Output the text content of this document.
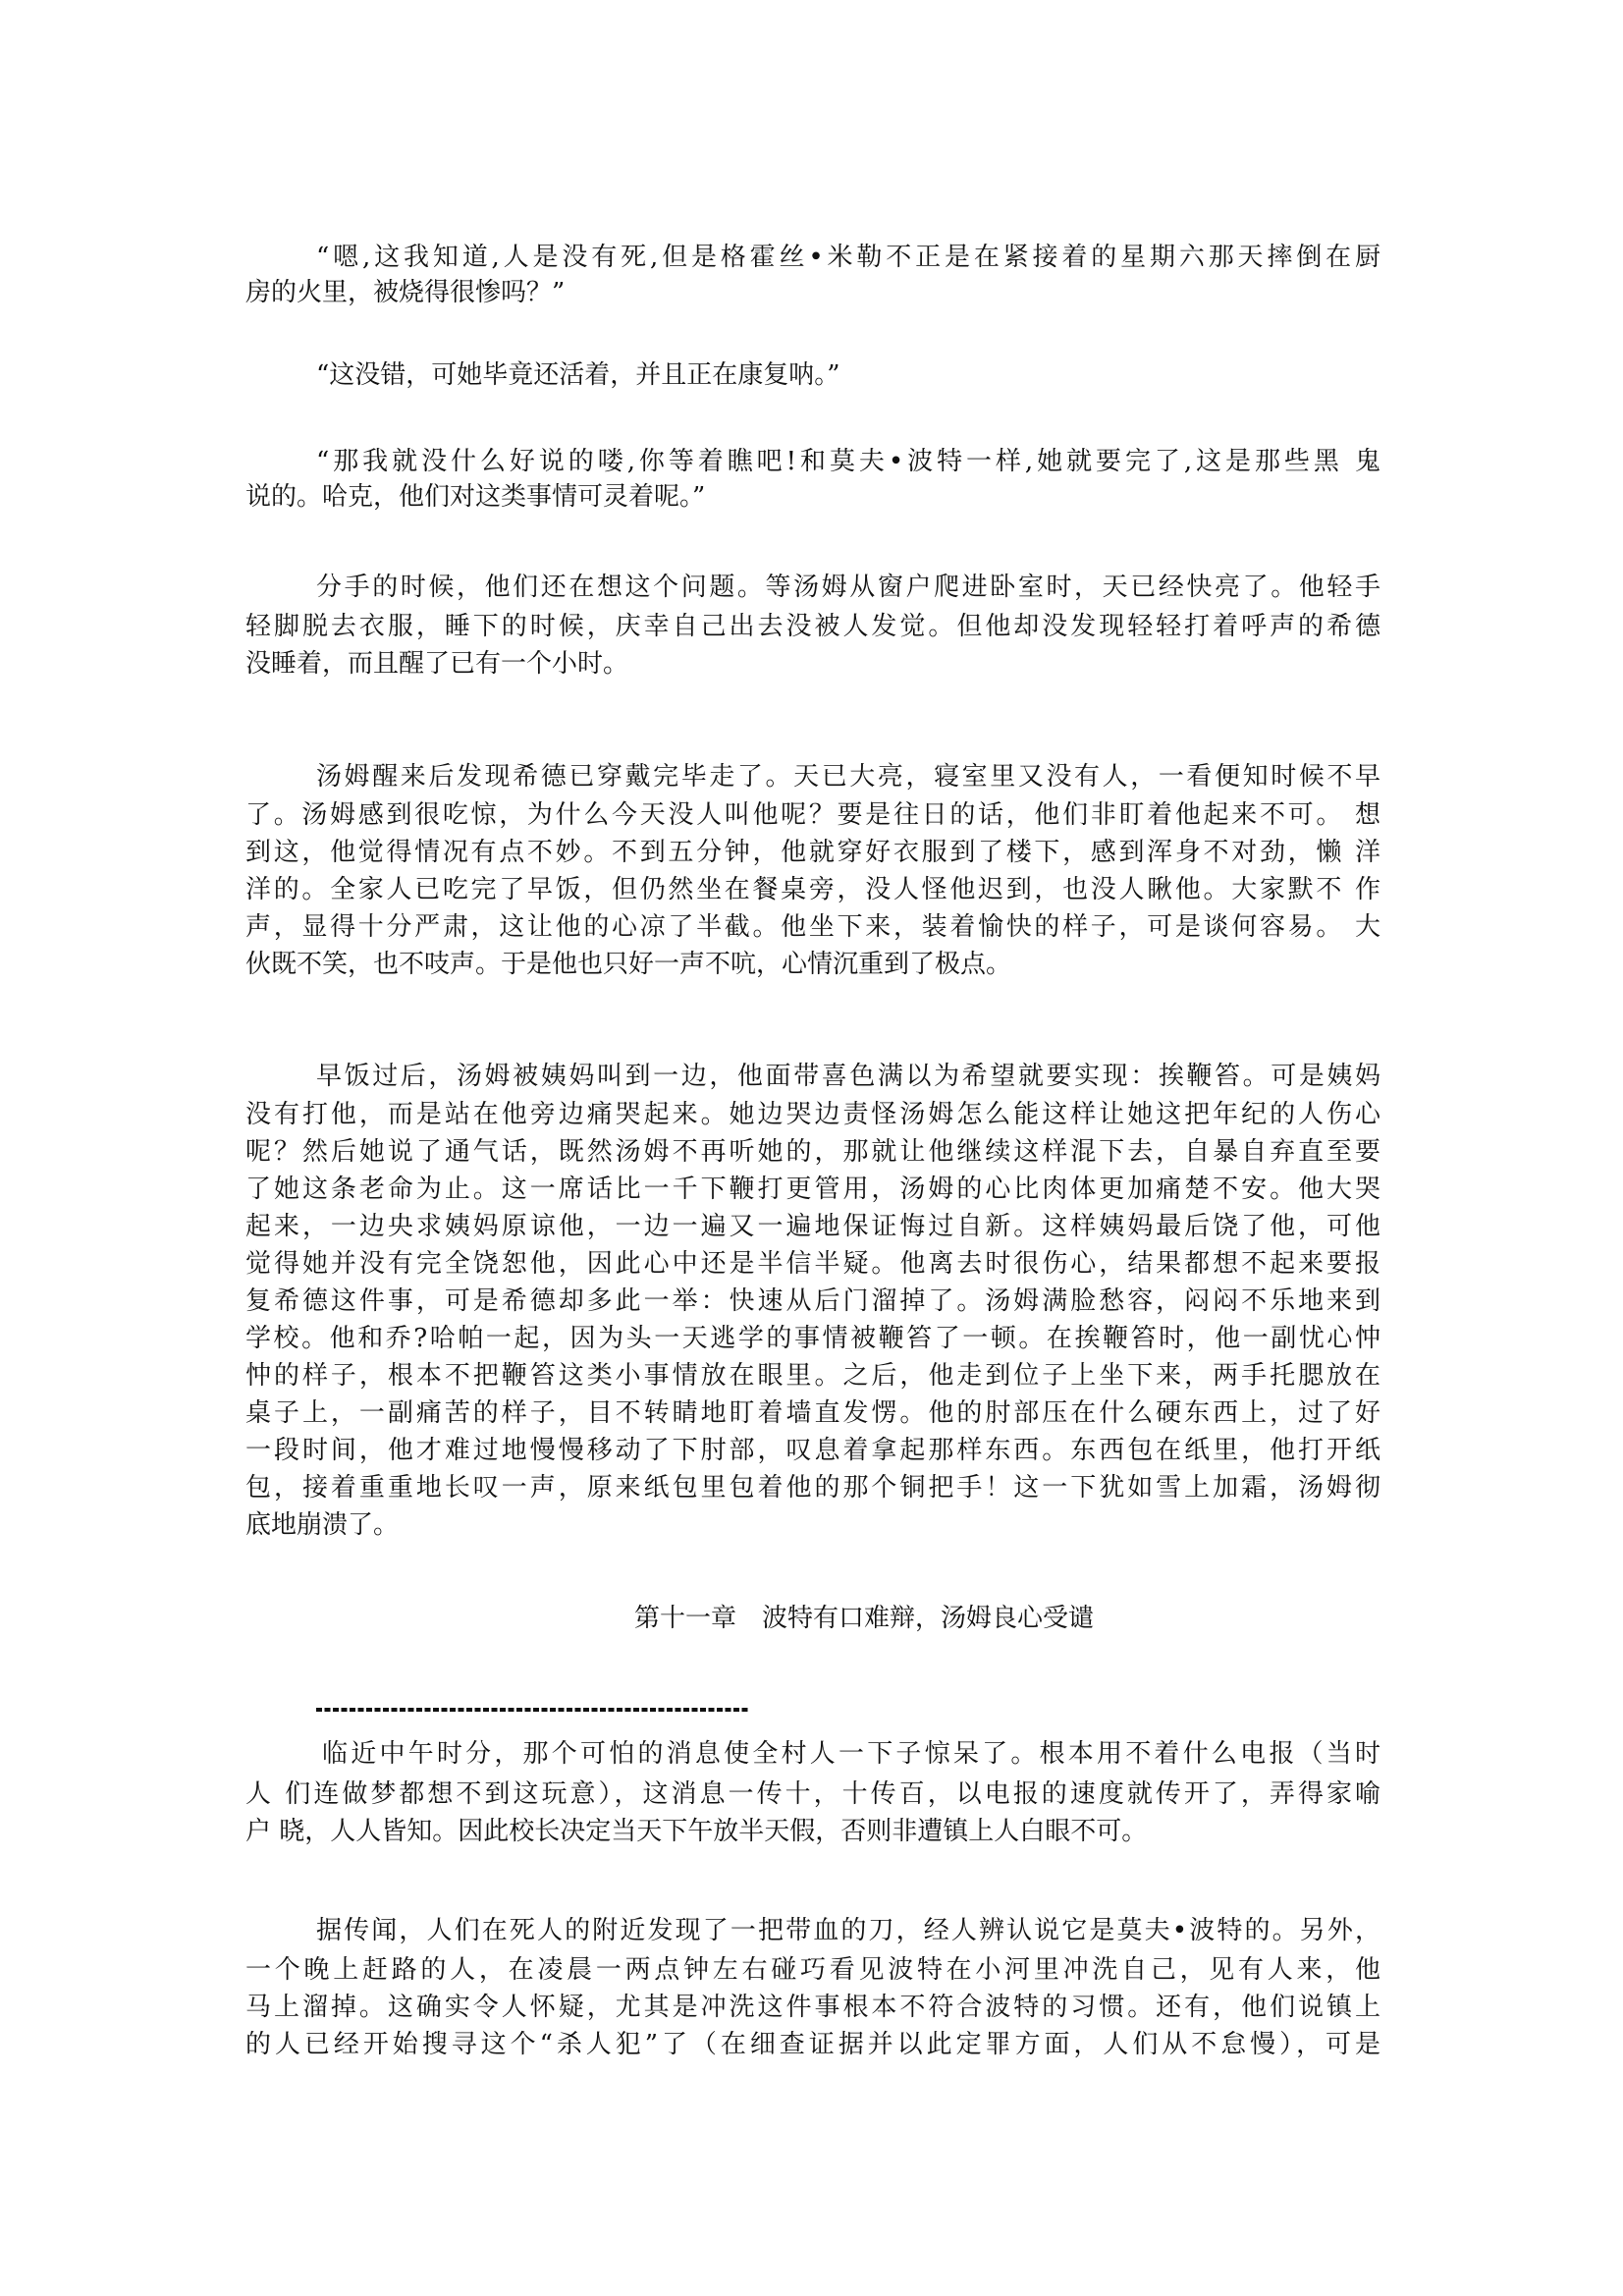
“嗯,这我知道,人是没有死,但是格霍丝•米勒不正是在紧接着的星期六那天摔倒在厨
房的火里，被烧得很惨吗？”
“这没错，可她毕竟还活着，并且正在康复呐。”
“那我就没什么好说的喽,你等着瞧吧!和莫夫•波特一样,她就要完了,这是那些黑 鬼
说的。哈克，他们对这类事情可灵着呢。”
分手的时候，他们还在想这个问题。等汤姆从窗户爬进卧室时，天已经快亮了。他轻手
轻脚脱去衣服，睡下的时候，庆幸自己出去没被人发觉。但他却没发现轻轻打着呼声的希德
没睡着，而且醒了已有一个小时。
汤姆醒来后发现希德已穿戴完毕走了。天已大亮，寝室里又没有人，一看便知时候不早
了。汤姆感到很吃惊，为什么今天没人叫他呢？要是往日的话，他们非盯着他起来不可。 想
到这，他觉得情况有点不妙。不到五分钟，他就穿好衣服到了楼下，感到浑身不对劲，懒 洋
洋的。全家人已吃完了早饭，但仍然坐在餐桌旁，没人怪他迟到，也没人瞅他。大家默不 作
声，显得十分严肃，这让他的心凉了半截。他坐下来，装着愉快的样子，可是谈何容易。 大
伙既不笑，也不吱声。于是他也只好一声不吭，心情沉重到了极点。
早饭过后，汤姆被姨妈叫到一边，他面带喜色满以为希望就要实现：挨鞭笞。可是姨妈
没有打他，而是站在他旁边痛哭起来。她边哭边责怪汤姆怎么能这样让她这把年纪的人伤心
呢？然后她说了通气话，既然汤姆不再听她的，那就让他继续这样混下去，自暴自弃直至要
了她这条老命为止。这一席话比一千下鞭打更管用，汤姆的心比肉体更加痛楚不安。他大哭
起来，一边央求姨妈原谅他，一边一遍又一遍地保证悔过自新。这样姨妈最后饶了他，可他
觉得她并没有完全饶恕他，因此心中还是半信半疑。他离去时很伤心，结果都想不起来要报
复希德这件事，可是希德却多此一举：快速从后门溜掉了。汤姆满脸愁容，闷闷不乐地来到
学校。他和乔?哈帕一起，因为头一天逃学的事情被鞭笞了一顿。在挨鞭笞时，他一副忧心忡
忡的样子，根本不把鞭笞这类小事情放在眼里。之后，他走到位子上坐下来，两手托腮放在
桌子上，一副痛苦的样子，目不转睛地盯着墙直发愣。他的肘部压在什么硬东西上，过了好
一段时间，他才难过地慢慢移动了下肘部，叹息着拿起那样东西。东西包在纸里，他打开纸
包，接着重重地长叹一声，原来纸包里包着他的那个铜把手！这一下犹如雪上加霜，汤姆彻
底地崩溃了。
第十一章　波特有口难辩，汤姆良心受谴
临近中午时分，那个可怕的消息使全村人一下子惊呆了。根本用不着什么电报（当时
人 们连做梦都想不到这玩意），这消息一传十，十传百，以电报的速度就传开了，弄得家喻
户 晓，人人皆知。因此校长决定当天下午放半天假，否则非遭镇上人白眼不可。
据传闻，人们在死人的附近发现了一把带血的刀，经人辨认说它是莫夫•波特的。另外，
一个晚上赶路的人，在凌晨一两点钟左右碰巧看见波特在小河里冲洗自己，见有人来，他
马上溜掉。这确实令人怀疑，尤其是冲洗这件事根本不符合波特的习惯。还有，他们说镇上
的人已经开始搜寻这个“杀人犯”了（在细查证据并以此定罪方面，人们从不怠慢），可是
